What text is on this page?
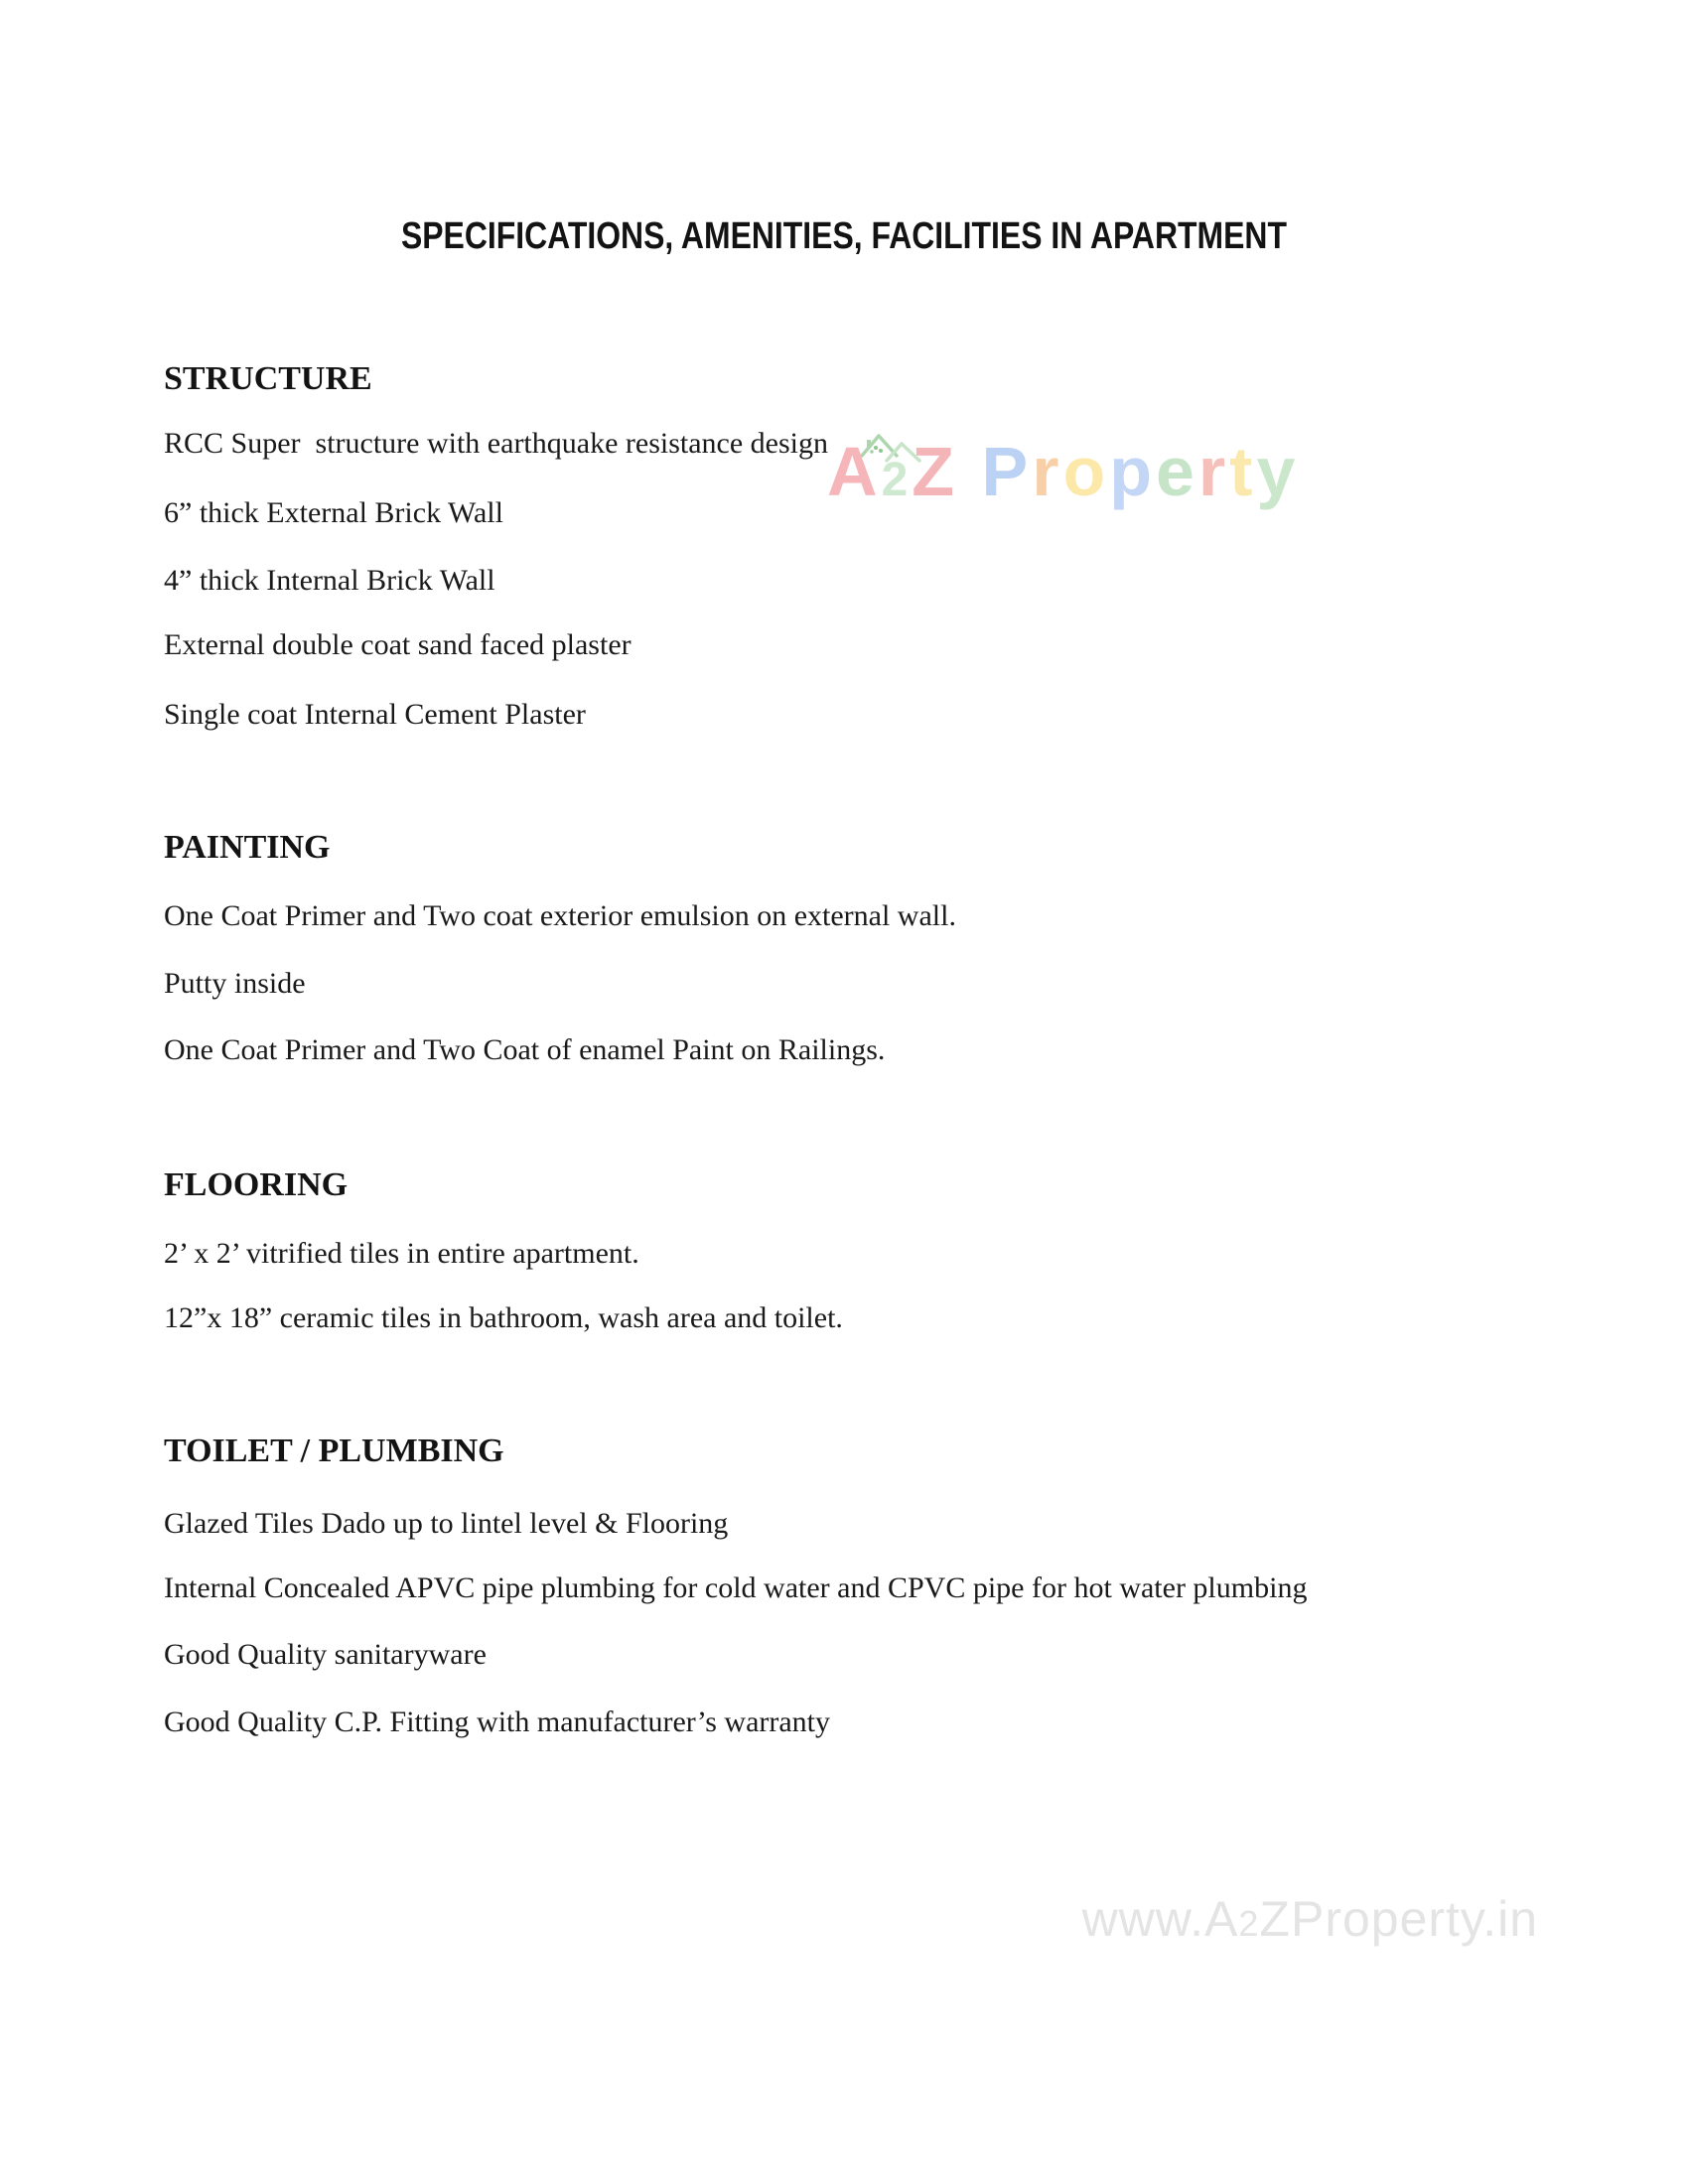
A2Z Property
SPECIFICATIONS, AMENITIES, FACILITIES IN APARTMENT
STRUCTURE
RCC Super  structure with earthquake resistance design
6” thick External Brick Wall
4” thick Internal Brick Wall
External double coat sand faced plaster
Single coat Internal Cement Plaster
PAINTING
One Coat Primer and Two coat exterior emulsion on external wall.
Putty inside
One Coat Primer and Two Coat of enamel Paint on Railings.
FLOORING
2’ x 2’ vitrified tiles in entire apartment.
12”x 18” ceramic tiles in bathroom, wash area and toilet.
TOILET / PLUMBING
Glazed Tiles Dado up to lintel level & Flooring
Internal Concealed APVC pipe plumbing for cold water and CPVC pipe for hot water plumbing
Good Quality sanitaryware
Good Quality C.P. Fitting with manufacturer’s warranty

www.A2ZProperty.in
